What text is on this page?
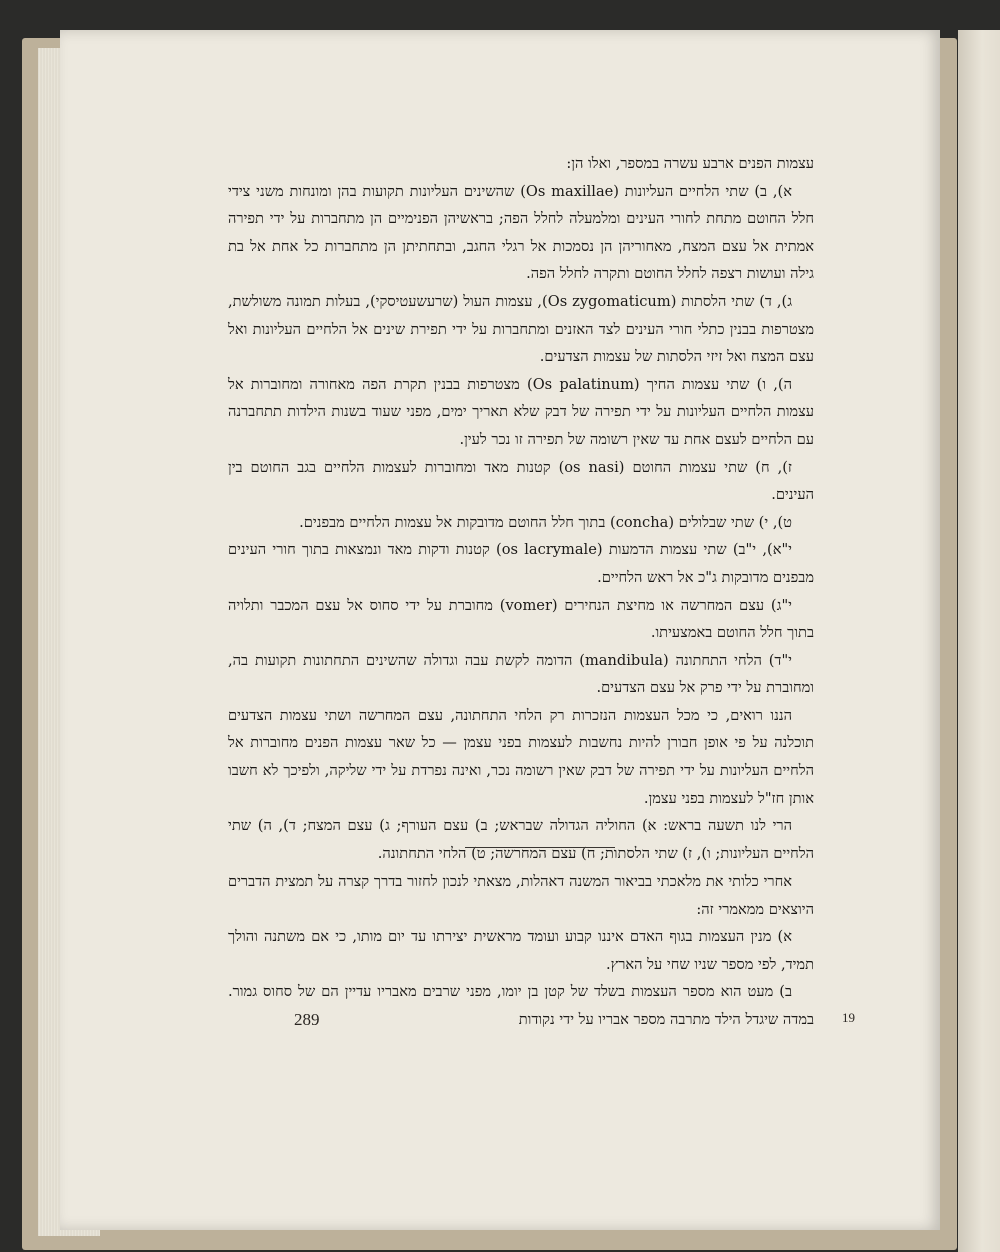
עצמות הפנים ארבע עשרה במספר, ואלו הן:

א), ב) שתי הלחיים העליונות (Os maxillae) שהשינים העליונות תקועות בהן ומונחות משני צידי חלל החוטם מתחת לחורי העינים ומלמעלה לחלל הפה; בראשיהן הפנימיים הן מתחברות על ידי תפירה אמתית אל עצם המצח, מאחוריהן הן נסמכות אל רגלי החגב, ובתחתיתן הן מתחברות כל אחת אל בת גילה ועושות רצפה לחלל החוטם ותקרה לחלל הפה.

ג), ד) שתי הלסתות (Os zygomaticum), עצמות העול (שרעשעטיסקי), בעלות תמונה משולשת, מצטרפות בבנין כתלי חורי העינים לצד האזנים ומתחברות על ידי תפירת שינים אל הלחיים העליונות ואל עצם המצח ואל זיזי הלסתות של עצמות הצדעים.

ה), ו) שתי עצמות החיך (Os palatinum) מצטרפות בבנין תקרת הפה מאחורה ומחוברות אל עצמות הלחיים העליונות על ידי תפירה של דבק שלא תאריך ימים, מפני שעוד בשנות הילדות תתחברנה עם הלחיים לעצם אחת עד שאין רשומה של תפירה זו נכר לעין.

ז), ח) שתי עצמות החוטם (os nasi) קטנות מאד ומחוברות לעצמות הלחיים בגב החוטם בין העינים.

ט), י) שתי שבלולים (concha) בתוך חלל החוטם מדובקות אל עצמות הלחיים מבפנים.

י"א), י"ב) שתי עצמות הדמעות (os lacrymale) קטנות ודקות מאד ונמצאות בתוך חורי העינים מבפנים מדובקות ג"כ אל ראש הלחיים.

י"ג) עצם המחרשה או מחיצת הנחירים (vomer) מחוברת על ידי סחוס אל עצם המכבר ותלויה בתוך חלל החוטם באמצעיתו.

י"ד) הלחי התחתונה (mandibula) הדומה לקשת עבה וגדולה שהשינים התחתונות תקועות בה, ומחוברת על ידי פרק אל עצם הצדעים.

הננו רואים, כי מכל העצמות הנזכרות רק הלחי התחתונה, עצם המחרשה ושתי עצמות הצדעים תוכלנה על פי אופן חבורן להיות נחשבות לעצמות בפני עצמן — כל שאר עצמות הפנים מחוברות אל הלחיים העליונות על ידי תפירה של דבק שאין רשומה נכר, ואינה נפרדת על ידי שליקה, ולפיכך לא חשבו אותן חז"ל לעצמות בפני עצמן.

הרי לנו תשעה בראש: א) החוליה הגדולה שבראש; ב) עצם העורף; ג) עצם המצח; ד), ה) שתי הלחיים העליונות; ו), ז) שתי הלסתות; ח) עצם המחרשה; ט) הלחי התחתונה.

אחרי כלותי את מלאכתי בביאור המשנה דאהלות, מצאתי לנכון לחזור בדרך קצרה על תמצית הדברים היוצאים ממאמרי זה:

א) מנין העצמות בגוף האדם איננו קבוע ועומד מראשית יצירתו עד יום מותו, כי אם משתנה והולך תמיד, לפי מספר שניו שחי על הארץ.

ב) מעט הוא מספר העצמות בשלד של קטן בן יומו, מפני שרבים מאבריו עדיין הם של סחוס גמור. במדה שיגדל הילד מתרבה מספר אבריו על ידי נקודות

289	19
